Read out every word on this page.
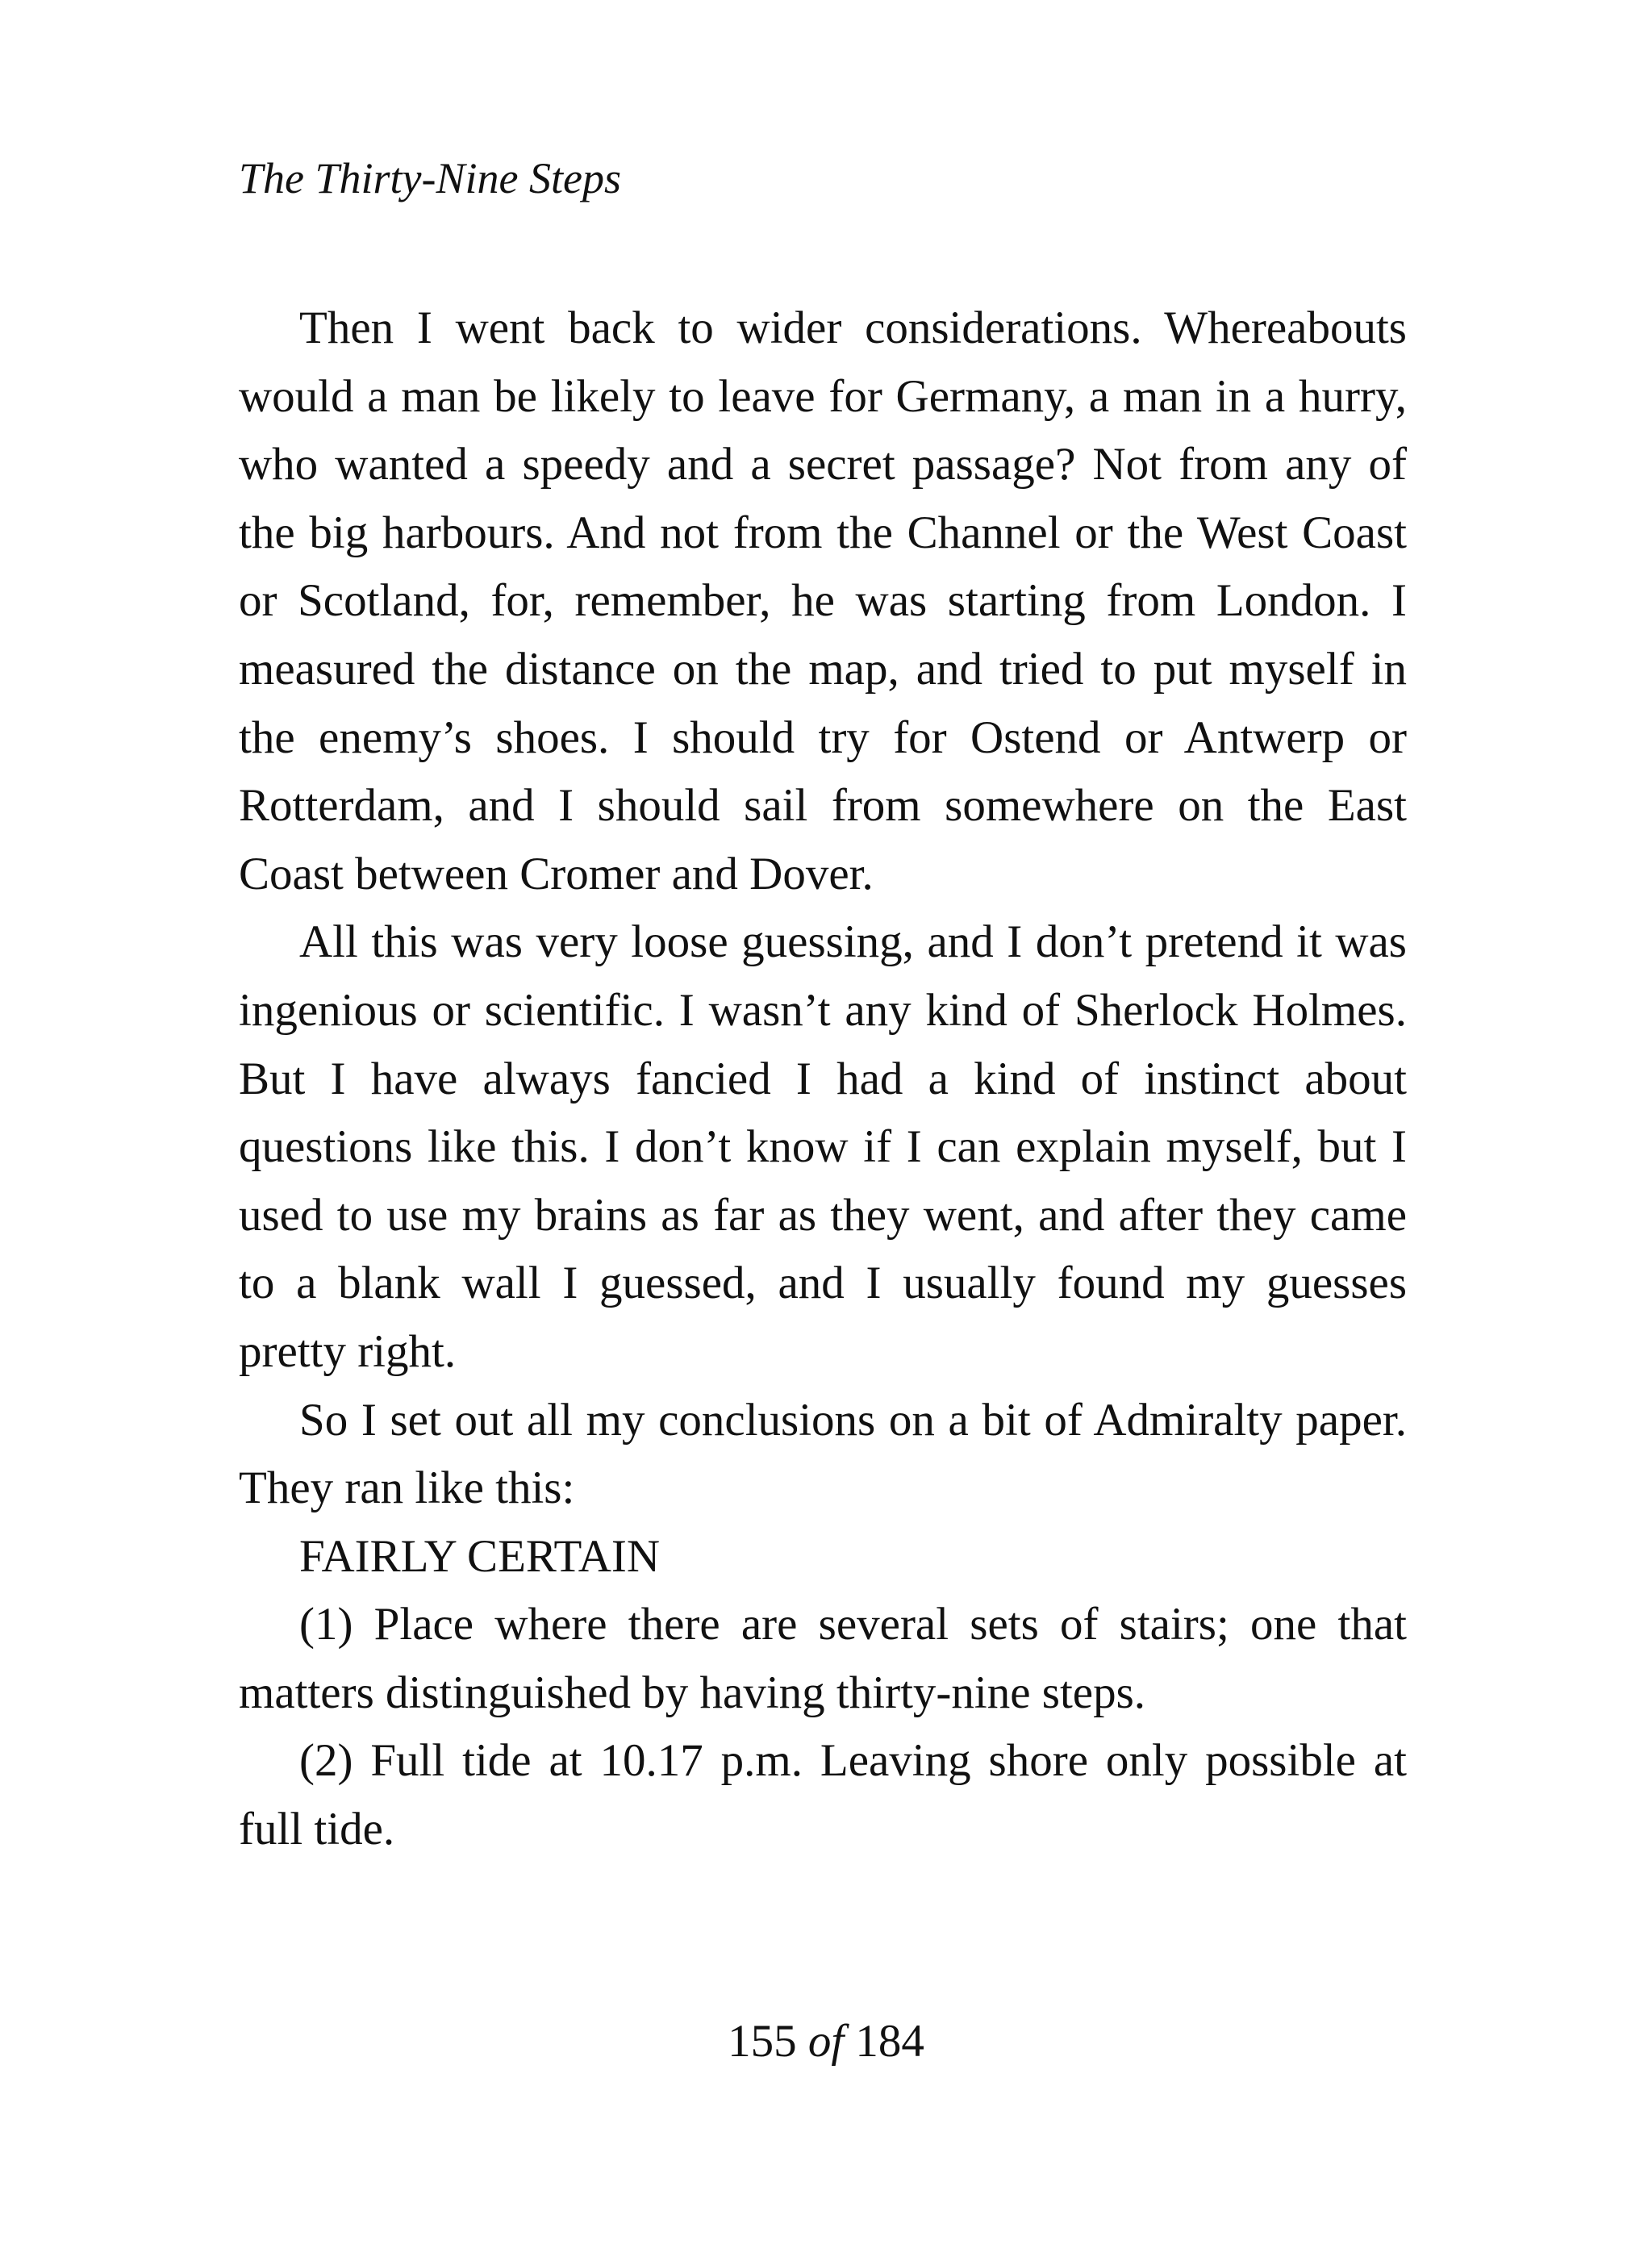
The Thirty-Nine Steps

Then I went back to wider considerations. Whereabouts would a man be likely to leave for Germany, a man in a hurry, who wanted a speedy and a secret passage? Not from any of the big harbours. And not from the Channel or the West Coast or Scotland, for, remember, he was starting from London. I measured the distance on the map, and tried to put myself in the enemy’s shoes. I should try for Ostend or Antwerp or Rotterdam, and I should sail from somewhere on the East Coast between Cromer and Dover.

All this was very loose guessing, and I don’t pretend it was ingenious or scientific. I wasn’t any kind of Sherlock Holmes. But I have always fancied I had a kind of instinct about questions like this. I don’t know if I can explain myself, but I used to use my brains as far as they went, and after they came to a blank wall I guessed, and I usually found my guesses pretty right.

So I set out all my conclusions on a bit of Admiralty paper. They ran like this:

FAIRLY CERTAIN

(1) Place where there are several sets of stairs; one that matters distinguished by having thirty-nine steps.

(2) Full tide at 10.17 p.m. Leaving shore only possible at full tide.

155 of 184
